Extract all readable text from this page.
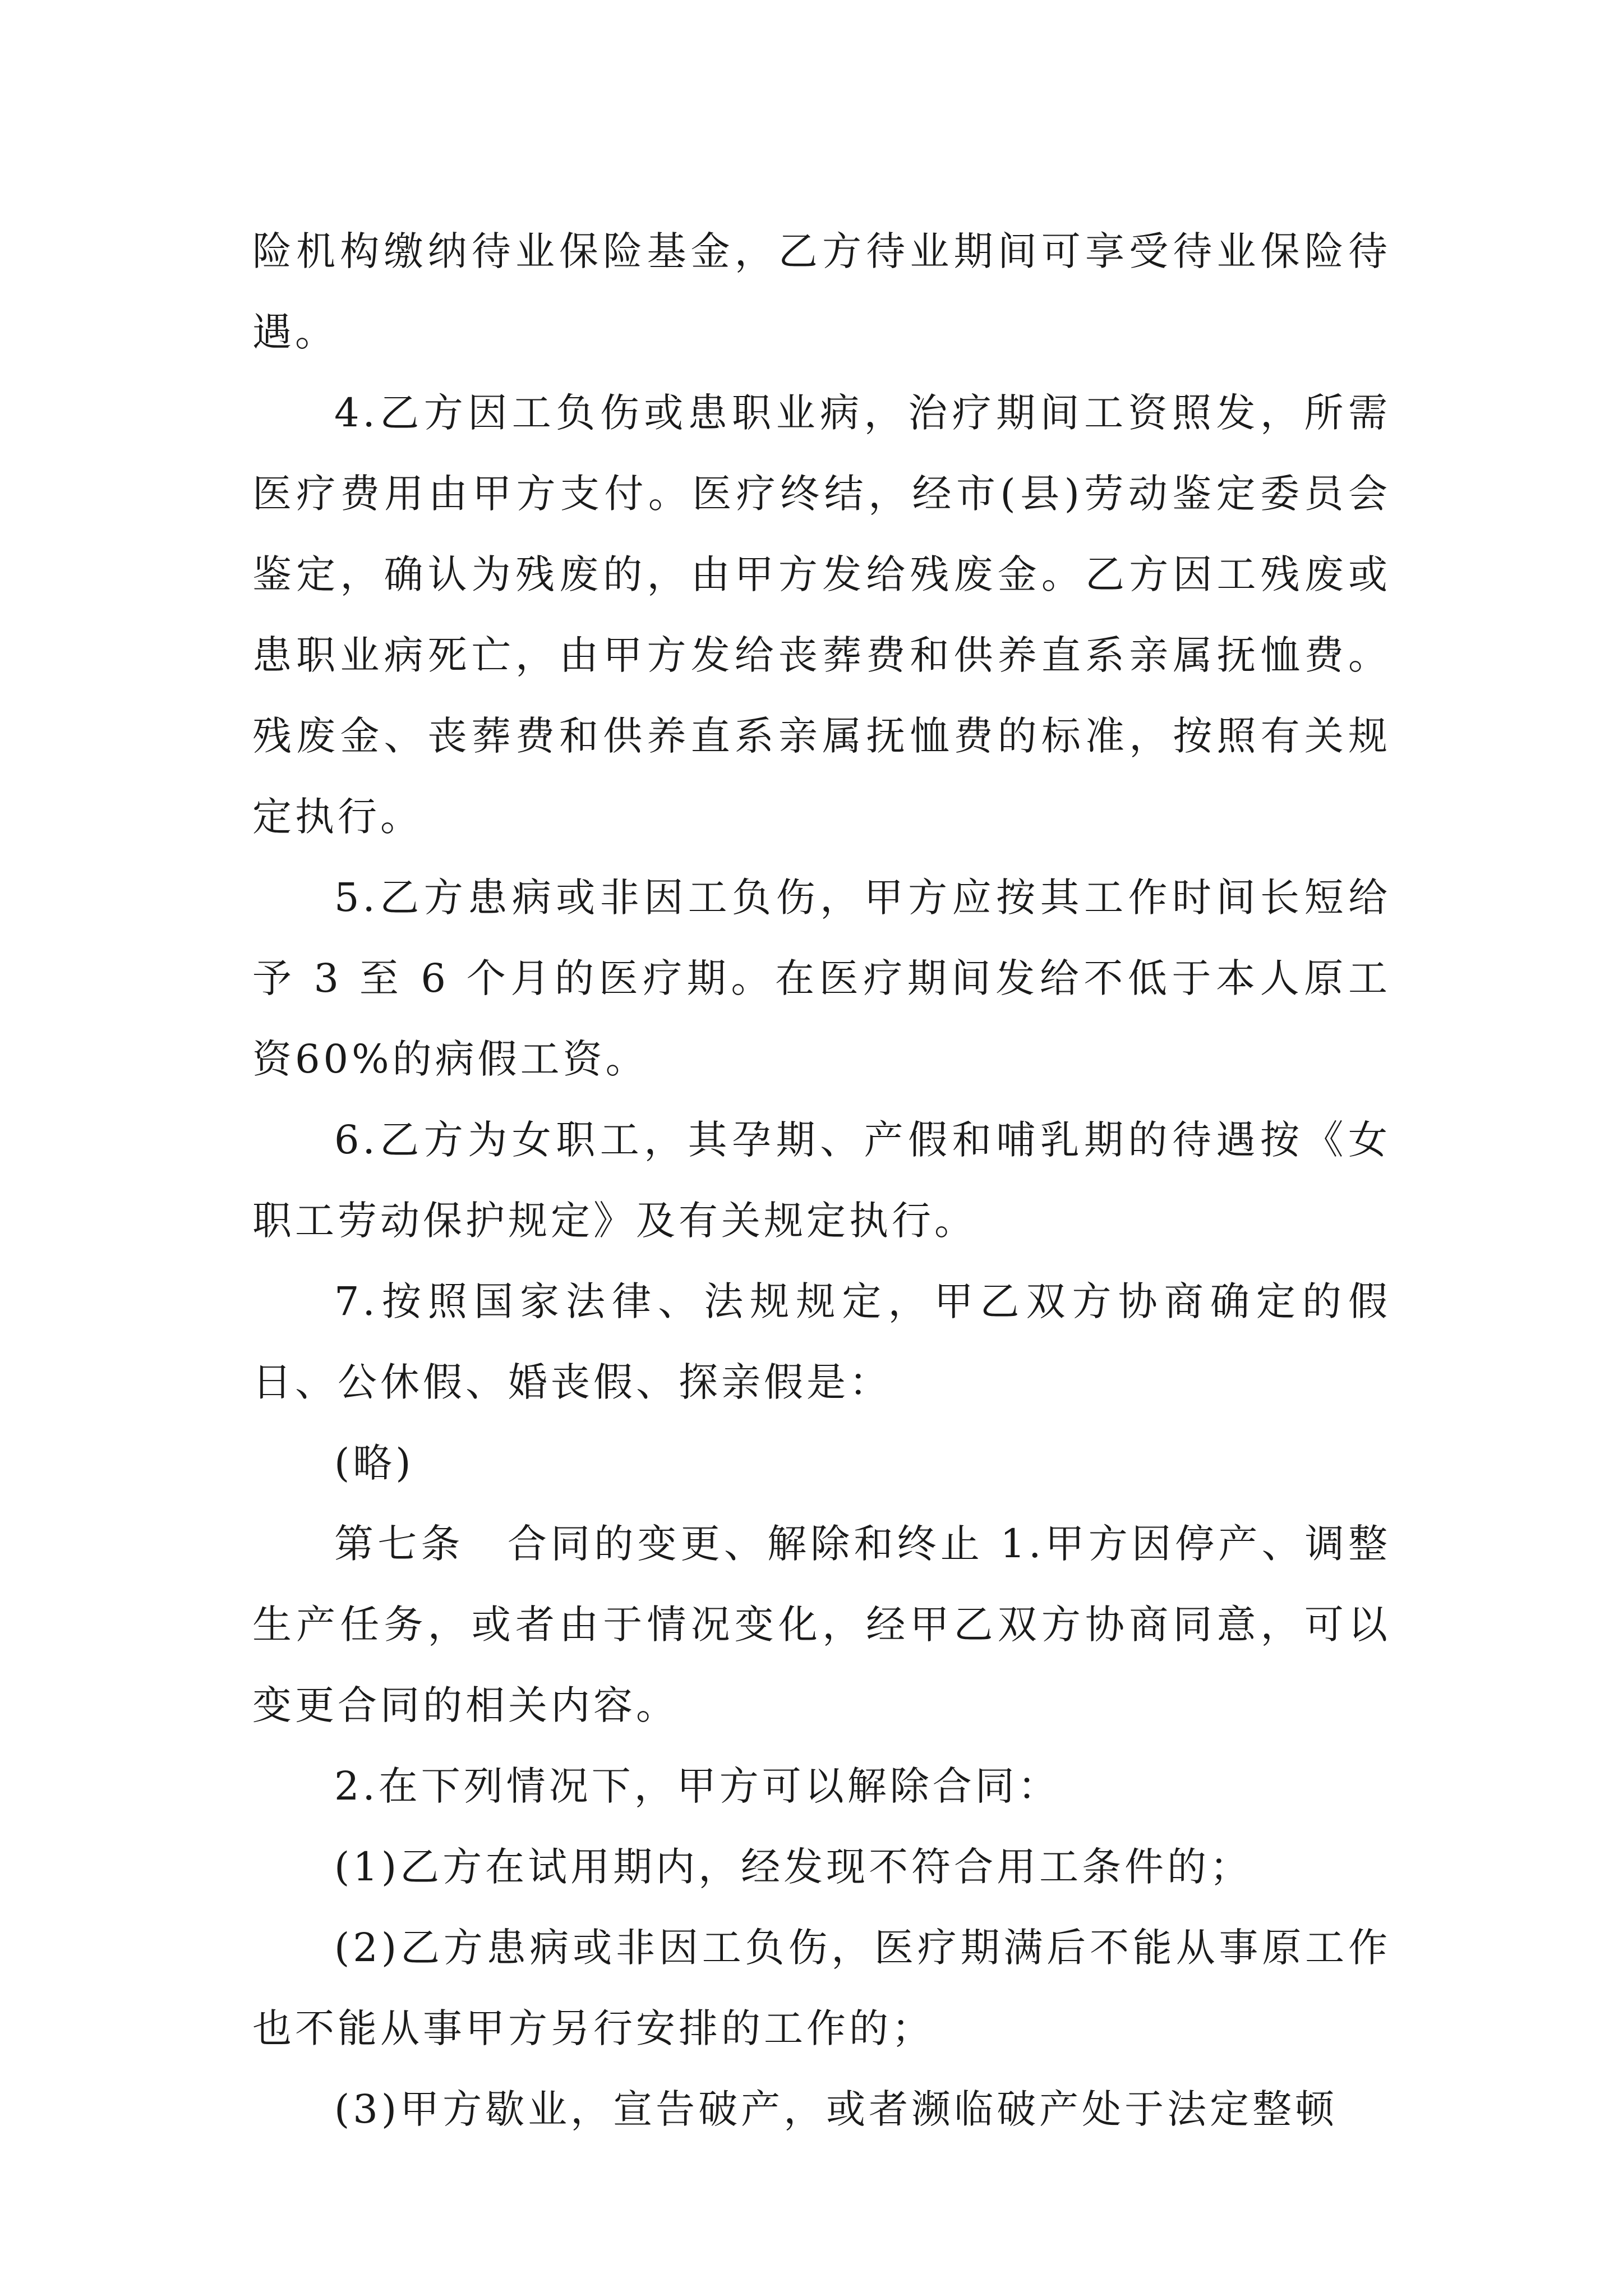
险机构缴纳待业保险基金，乙方待业期间可享受待业保险待遇。

4.乙方因工负伤或患职业病，治疗期间工资照发，所需医疗费用由甲方支付。医疗终结，经市(县)劳动鉴定委员会鉴定，确认为残废的，由甲方发给残废金。乙方因工残废或患职业病死亡，由甲方发给丧葬费和供养直系亲属抚恤费。残废金、丧葬费和供养直系亲属抚恤费的标准，按照有关规定执行。

5.乙方患病或非因工负伤，甲方应按其工作时间长短给予 3 至 6 个月的医疗期。在医疗期间发给不低于本人原工资60%的病假工资。

6.乙方为女职工，其孕期、产假和哺乳期的待遇按《女职工劳动保护规定》及有关规定执行。

7.按照国家法律、法规规定，甲乙双方协商确定的假日、公休假、婚丧假、探亲假是：

(略)

第七条　合同的变更、解除和终止 1.甲方因停产、调整生产任务，或者由于情况变化，经甲乙双方协商同意，可以变更合同的相关内容。

2.在下列情况下，甲方可以解除合同：

(1)乙方在试用期内，经发现不符合用工条件的；

(2)乙方患病或非因工负伤，医疗期满后不能从事原工作也不能从事甲方另行安排的工作的；

(3)甲方歇业，宣告破产，或者濒临破产处于法定整顿
